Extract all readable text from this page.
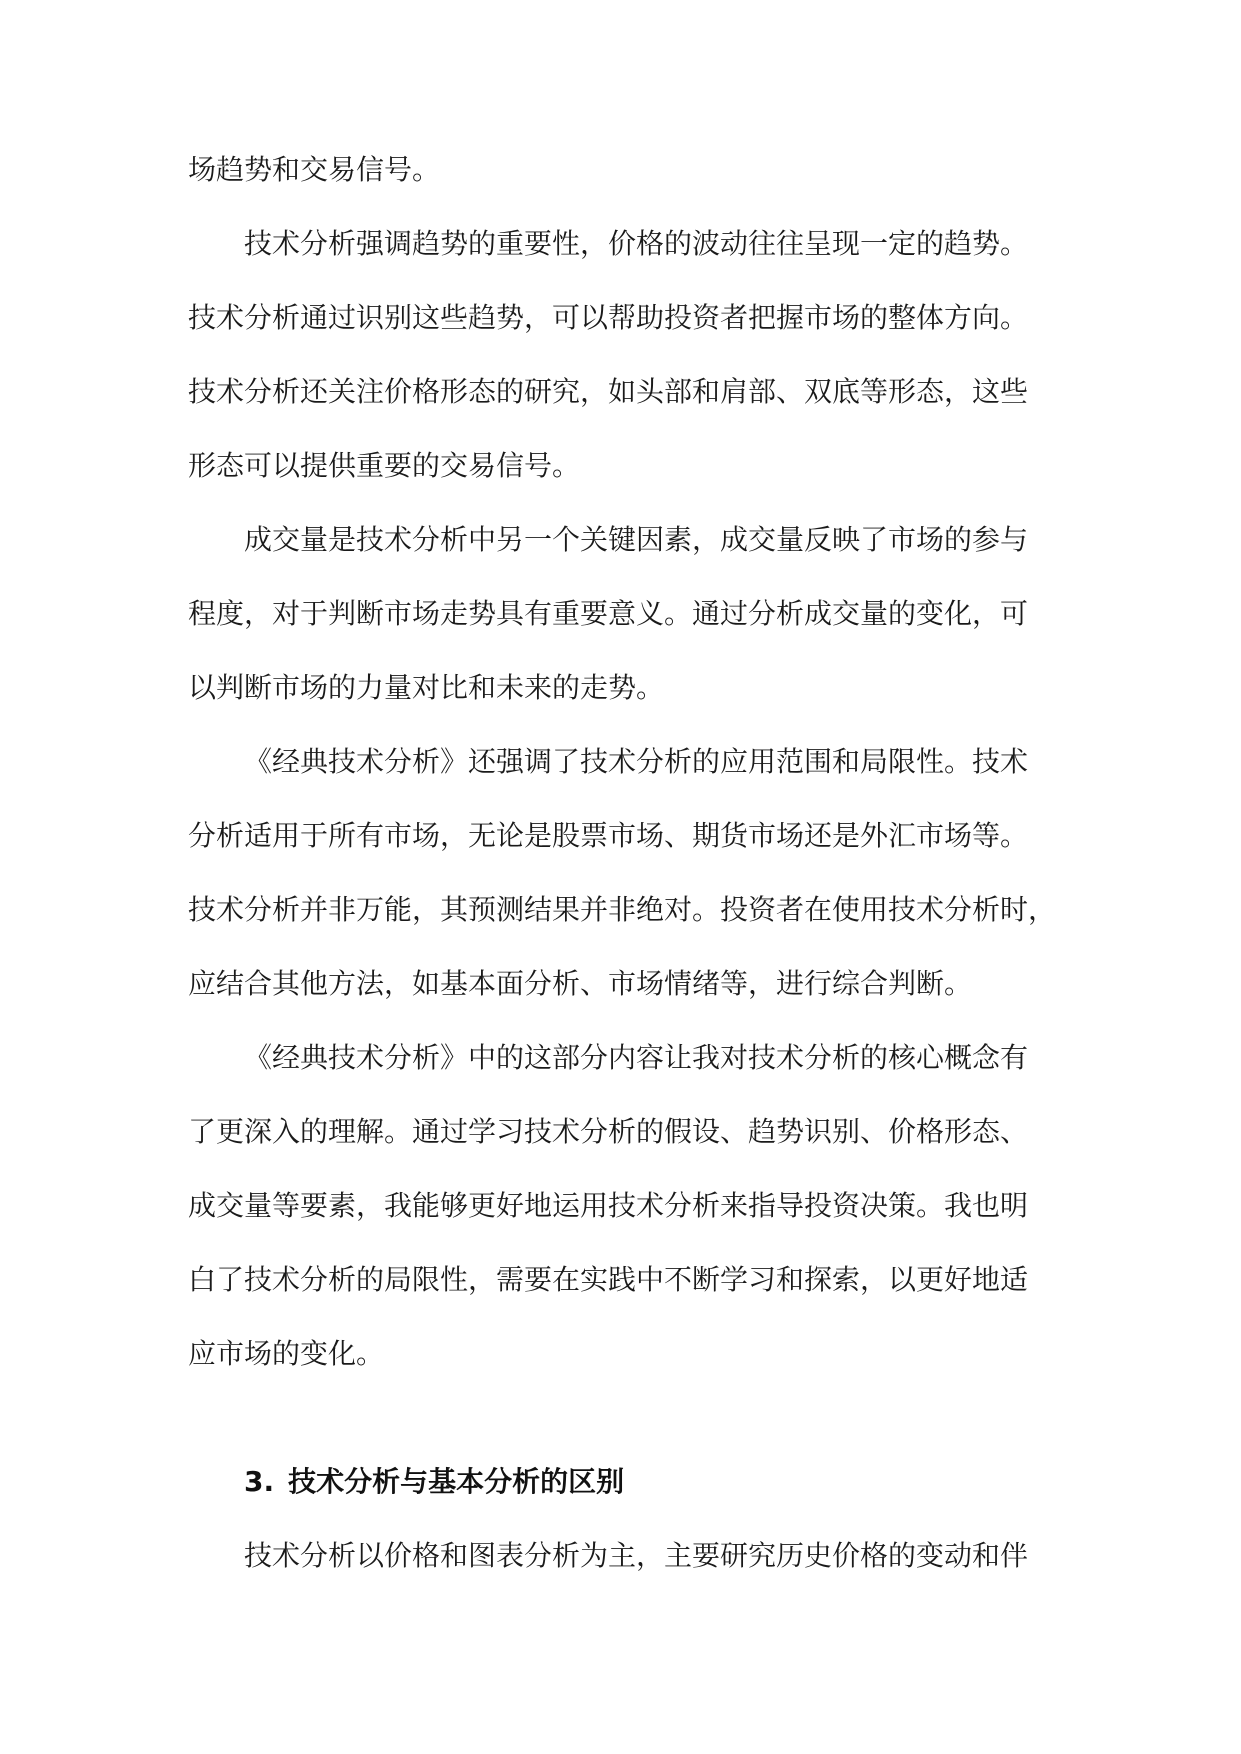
场趋势和交易信号。

技术分析强调趋势的重要性，价格的波动往往呈现一定的趋势。

技术分析通过识别这些趋势，可以帮助投资者把握市场的整体方向。

技术分析还关注价格形态的研究，如头部和肩部、双底等形态，这些

形态可以提供重要的交易信号。

成交量是技术分析中另一个关键因素，成交量反映了市场的参与

程度，对于判断市场走势具有重要意义。通过分析成交量的变化，可

以判断市场的力量对比和未来的走势。

《经典技术分析》还强调了技术分析的应用范围和局限性。技术

分析适用于所有市场，无论是股票市场、期货市场还是外汇市场等。

技术分析并非万能，其预测结果并非绝对。投资者在使用技术分析时，

应结合其他方法，如基本面分析、市场情绪等，进行综合判断。

《经典技术分析》中的这部分内容让我对技术分析的核心概念有

了更深入的理解。通过学习技术分析的假设、趋势识别、价格形态、

成交量等要素，我能够更好地运用技术分析来指导投资决策。我也明

白了技术分析的局限性，需要在实践中不断学习和探索，以更好地适

应市场的变化。

3. 技术分析与基本分析的区别

技术分析以价格和图表分析为主，主要研究历史价格的变动和伴
